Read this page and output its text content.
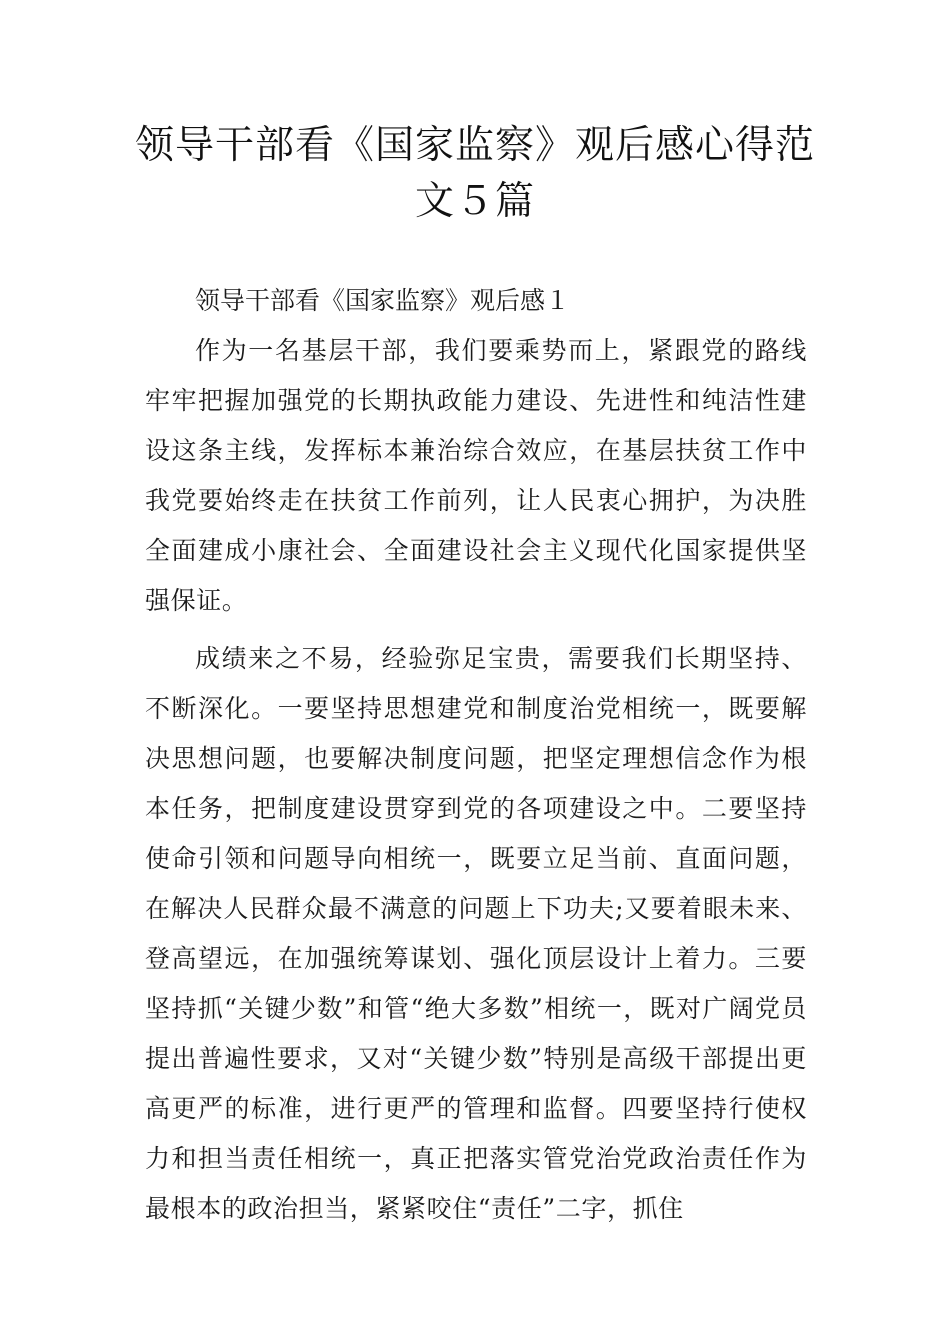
领导干部看《国家监察》观后感心得范文５篇

领导干部看《国家监察》观后感１

作为一名基层干部，我们要乘势而上，紧跟党的路线牢牢把握加强党的长期执政能力建设、先进性和纯洁性建设这条主线，发挥标本兼治综合效应，在基层扶贫工作中我党要始终走在扶贫工作前列，让人民衷心拥护，为决胜全面建成小康社会、全面建设社会主义现代化国家提供坚强保证。

成绩来之不易，经验弥足宝贵，需要我们长期坚持、不断深化。一要坚持思想建党和制度治党相统一，既要解决思想问题，也要解决制度问题，把坚定理想信念作为根本任务，把制度建设贯穿到党的各项建设之中。二要坚持使命引领和问题导向相统一，既要立足当前、直面问题，在解决人民群众最不满意的问题上下功夫;又要着眼未来、登高望远，在加强统筹谋划、强化顶层设计上着力。三要坚持抓“关键少数”和管“绝大多数”相统一，既对广阔党员提出普遍性要求，又对“关键少数”特别是高级干部提出更高更严的标准，进行更严的管理和监督。四要坚持行使权力和担当责任相统一，真正把落实管党治党政治责任作为最根本的政治担当，紧紧咬住“责任”二字，抓住
